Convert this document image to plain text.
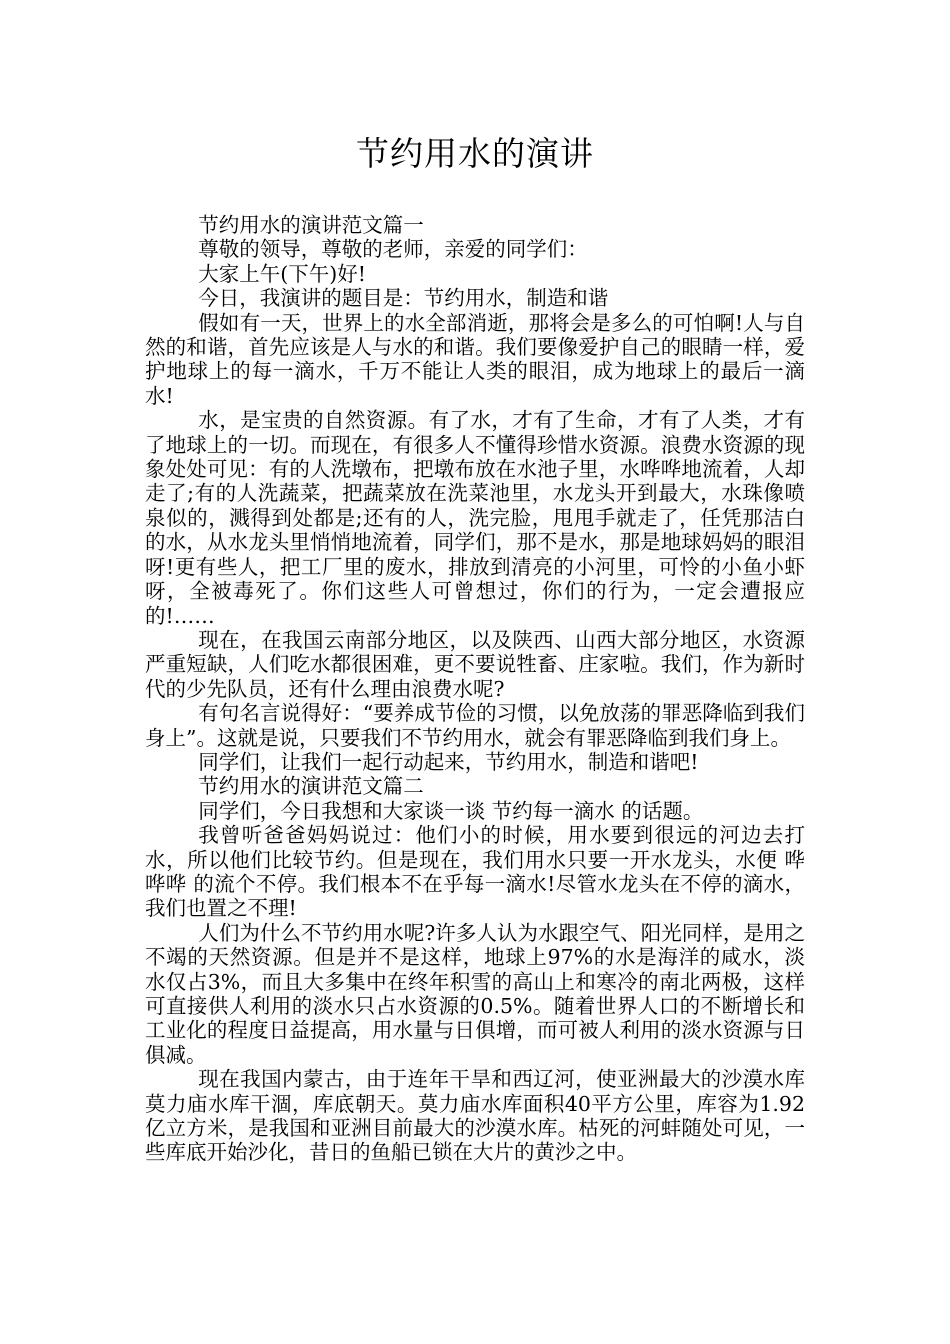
节约用水的演讲

节约用水的演讲范文篇一

尊敬的领导，尊敬的老师，亲爱的同学们：

大家上午(下午)好!

今日，我演讲的题目是：节约用水，制造和谐

假如有一天，世界上的水全部消逝，那将会是多么的可怕啊!人与自然的和谐，首先应该是人与水的和谐。我们要像爱护自己的眼睛一样，爱护地球上的每一滴水，千万不能让人类的眼泪，成为地球上的最后一滴水!

水，是宝贵的自然资源。有了水，才有了生命，才有了人类，才有了地球上的一切。而现在，有很多人不懂得珍惜水资源。浪费水资源的现象处处可见：有的人洗墩布，把墩布放在水池子里，水哗哗地流着，人却走了;有的人洗蔬菜，把蔬菜放在洗菜池里，水龙头开到最大，水珠像喷泉似的，溅得到处都是;还有的人，洗完脸，甩甩手就走了，任凭那洁白的水，从水龙头里悄悄地流着，同学们，那不是水，那是地球妈妈的眼泪呀!更有些人，把工厂里的废水，排放到清亮的小河里，可怜的小鱼小虾呀，全被毒死了。你们这些人可曾想过，你们的行为，一定会遭报应的!……

现在，在我国云南部分地区，以及陕西、山西大部分地区，水资源严重短缺，人们吃水都很困难，更不要说牲畜、庄家啦。我们，作为新时代的少先队员，还有什么理由浪费水呢?

有句名言说得好：“要养成节俭的习惯，以免放荡的罪恶降临到我们身上”。这就是说，只要我们不节约用水，就会有罪恶降临到我们身上。

同学们，让我们一起行动起来，节约用水，制造和谐吧!

节约用水的演讲范文篇二

同学们，今日我想和大家谈一谈 节约每一滴水 的话题。

我曾听爸爸妈妈说过：他们小的时候，用水要到很远的河边去打水，所以他们比较节约。但是现在，我们用水只要一开水龙头，水便 哗哗哗 的流个不停。我们根本不在乎每一滴水!尽管水龙头在不停的滴水，我们也置之不理!

人们为什么不节约用水呢?许多人认为水跟空气、阳光同样，是用之不竭的天然资源。但是并不是这样，地球上97%的水是海洋的咸水，淡水仅占3%，而且大多集中在终年积雪的高山上和寒冷的南北两极，这样可直接供人利用的淡水只占水资源的0.5%。随着世界人口的不断增长和工业化的程度日益提高，用水量与日俱增，而可被人利用的淡水资源与日俱减。

现在我国内蒙古，由于连年干旱和西辽河，使亚洲最大的沙漠水库莫力庙水库干涸，库底朝天。莫力庙水库面积40平方公里，库容为1.92亿立方米，是我国和亚洲目前最大的沙漠水库。枯死的河蚌随处可见，一些库底开始沙化，昔日的鱼船已锁在大片的黄沙之中。
